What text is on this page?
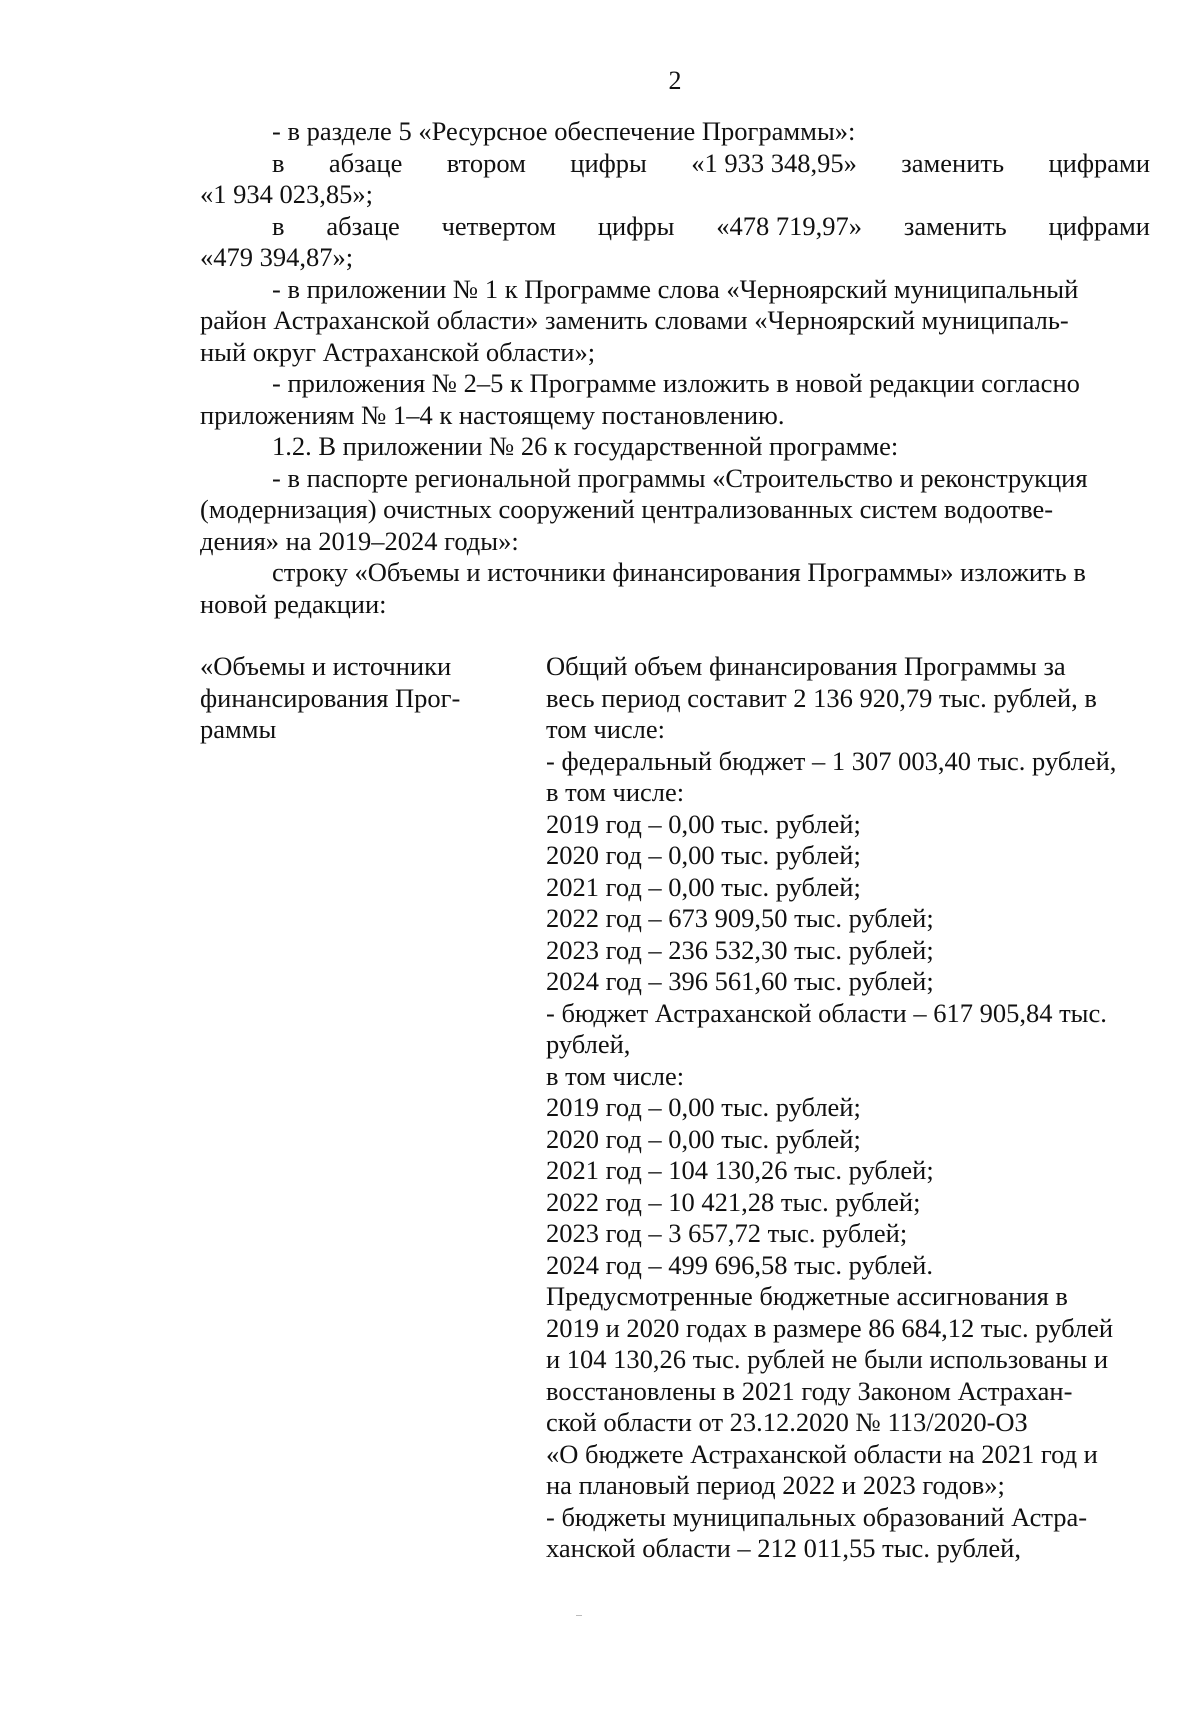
2
- в разделе 5 «Ресурсное обеспечение Программы»:
в абзаце втором цифры «1 933 348,95» заменить цифрами
«1 934 023,85»;
в абзаце четвертом цифры «478 719,97» заменить цифрами
«479 394,87»;
- в приложении № 1 к Программе слова «Черноярский муниципальный
район Астраханской области» заменить словами «Черноярский муниципаль-
ный округ Астраханской области»;
- приложения № 2–5 к Программе изложить в новой редакции согласно
приложениям № 1–4 к настоящему постановлению.
1.2. В приложении № 26 к государственной программе:
- в паспорте региональной программы «Строительство и реконструкция
(модернизация) очистных сооружений централизованных систем водоотве-
дения» на 2019–2024 годы»:
строку «Объемы и источники финансирования Программы» изложить в
новой редакции:
«Объемы и источники
финансирования Прог-
раммы
Общий объем финансирования Программы за
весь период составит 2 136 920,79 тыс. рублей, в
том числе:
- федеральный бюджет – 1 307 003,40 тыс. рублей,
в том числе:
2019 год – 0,00 тыс. рублей;
2020 год – 0,00 тыс. рублей;
2021 год – 0,00 тыс. рублей;
2022 год – 673 909,50 тыс. рублей;
2023 год – 236 532,30 тыс. рублей;
2024 год – 396 561,60 тыс. рублей;
- бюджет Астраханской области – 617 905,84 тыс.
рублей,
в том числе:
2019 год – 0,00 тыс. рублей;
2020 год – 0,00 тыс. рублей;
2021 год – 104 130,26 тыс. рублей;
2022 год – 10 421,28 тыс. рублей;
2023 год – 3 657,72 тыс. рублей;
2024 год – 499 696,58 тыс. рублей.
Предусмотренные бюджетные ассигнования в
2019 и 2020 годах в размере 86 684,12 тыс. рублей
и 104 130,26 тыс. рублей не были использованы и
восстановлены в 2021 году Законом Астрахан-
ской области от 23.12.2020 № 113/2020-ОЗ
«О бюджете Астраханской области на 2021 год и
на плановый период 2022 и 2023 годов»;
- бюджеты муниципальных образований Астра-
ханской области – 212 011,55 тыс. рублей,
